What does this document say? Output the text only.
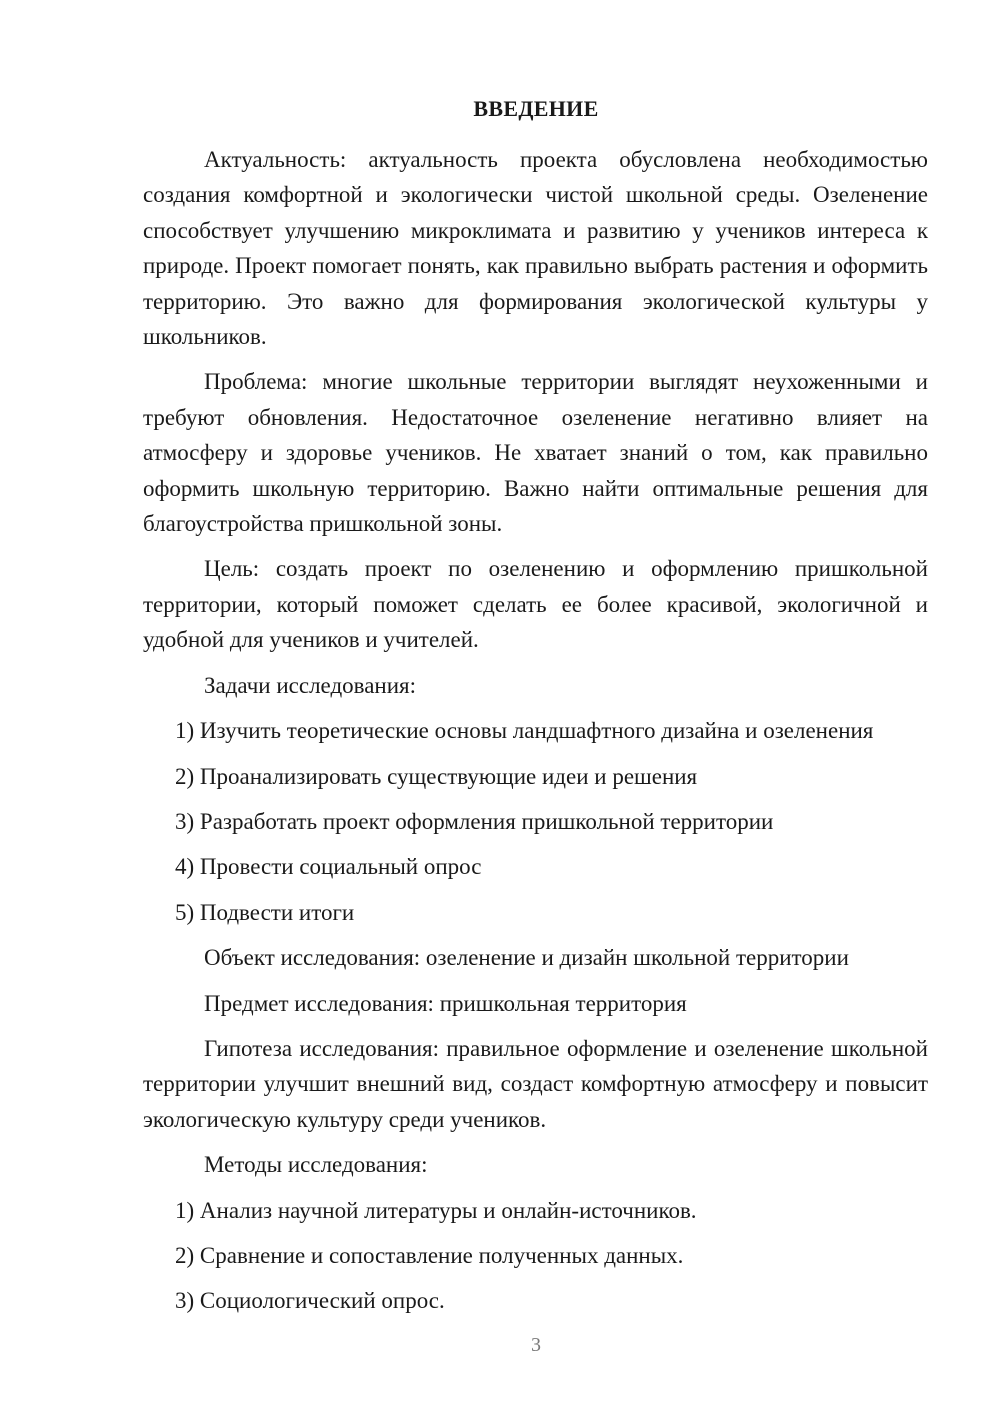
ВВЕДЕНИЕ

Актуальность: актуальность проекта обусловлена необходимостью создания комфортной и экологически чистой школьной среды. Озеленение способствует улучшению микроклимата и развитию у учеников интереса к природе. Проект помогает понять, как правильно выбрать растения и оформить территорию. Это важно для формирования экологической культуры у школьников.

Проблема: многие школьные территории выглядят неухоженными и требуют обновления. Недостаточное озеленение негативно влияет на атмосферу и здоровье учеников. Не хватает знаний о том, как правильно оформить школьную территорию. Важно найти оптимальные решения для благоустройства пришкольной зоны.

Цель: создать проект по озеленению и оформлению пришкольной территории, который поможет сделать ее более красивой, экологичной и удобной для учеников и учителей.

Задачи исследования:

1) Изучить теоретические основы ландшафтного дизайна и озеленения
2) Проанализировать существующие идеи и решения
3) Разработать проект оформления пришкольной территории
4) Провести социальный опрос
5) Подвести итоги

Объект исследования: озеленение и дизайн школьной территории

Предмет исследования: пришкольная территория

Гипотеза исследования: правильное оформление и озеленение школьной территории улучшит внешний вид, создаст комфортную атмосферу и повысит экологическую культуру среди учеников.

Методы исследования:

1) Анализ научной литературы и онлайн-источников.
2) Сравнение и сопоставление полученных данных.
3) Социологический опрос.
3
